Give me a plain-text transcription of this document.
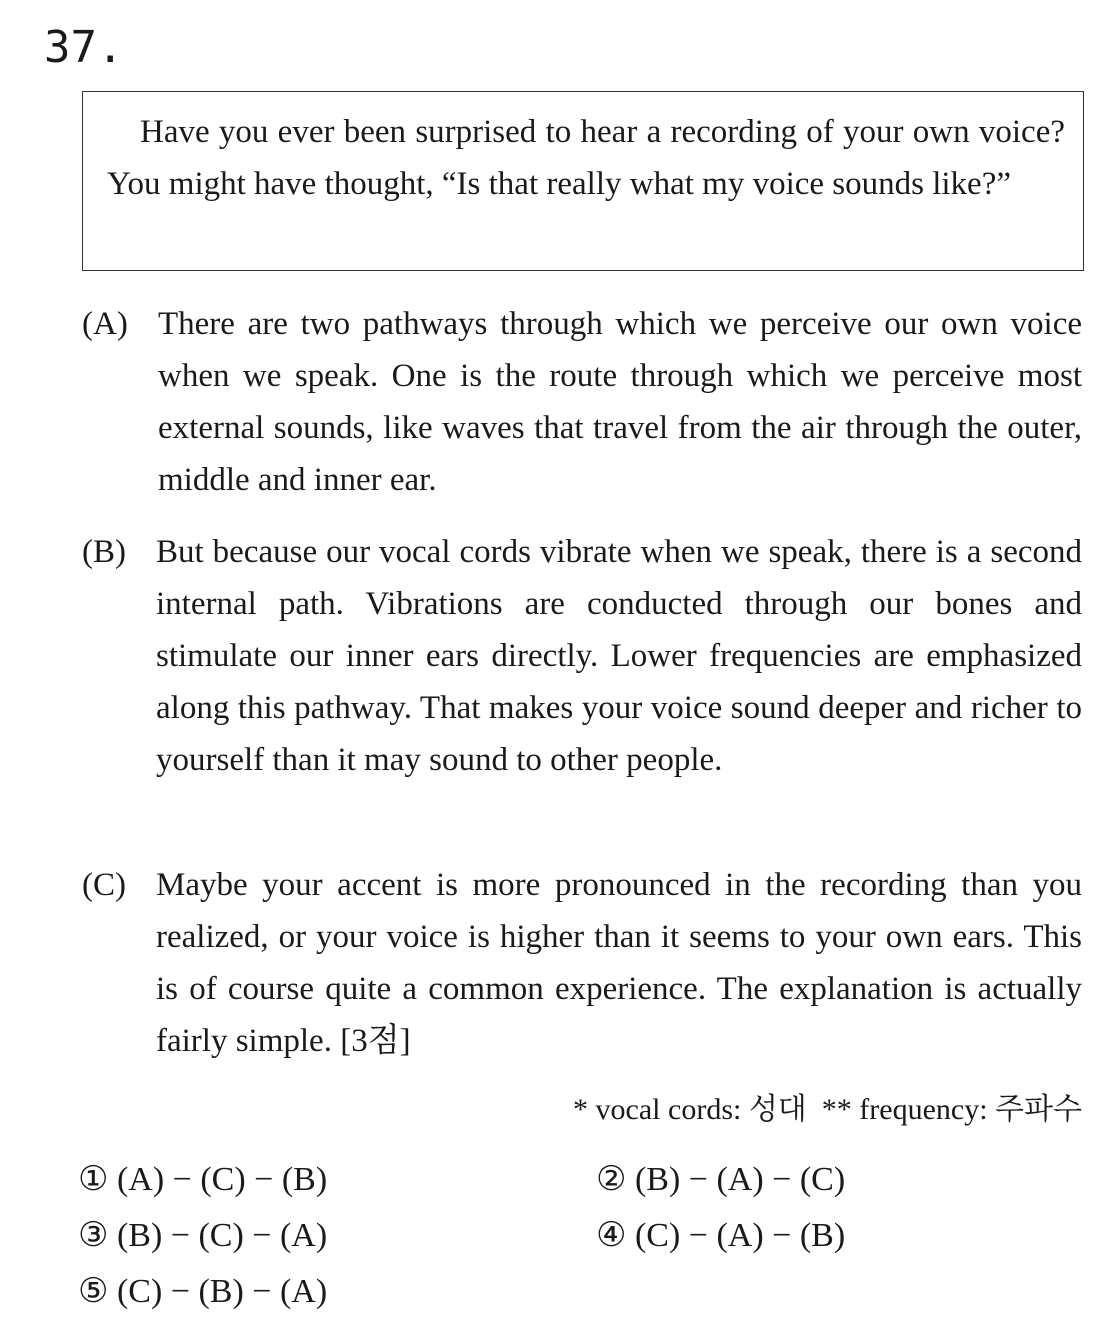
37.
Have you ever been surprised to hear a recording of your own voice? You might have thought, “Is that really what my voice sounds like?”
(A) There are two pathways through which we perceive our own voice when we speak. One is the route through which we perceive most external sounds, like waves that travel from the air through the outer, middle and inner ear.
(B) But because our vocal cords vibrate when we speak, there is a second internal path. Vibrations are conducted through our bones and stimulate our inner ears directly. Lower frequencies are emphasized along this pathway. That makes your voice sound deeper and richer to yourself than it may sound to other people.
(C) Maybe your accent is more pronounced in the recording than you realized, or your voice is higher than it seems to your own ears. This is of course quite a common experience. The explanation is actually fairly simple. [3점]
* vocal cords: 성대 ** frequency: 주파수
① (A) − (C) − (B)	② (B) − (A) − (C)
③ (B) − (C) − (A)	④ (C) − (A) − (B)
⑤ (C) − (B) − (A)
